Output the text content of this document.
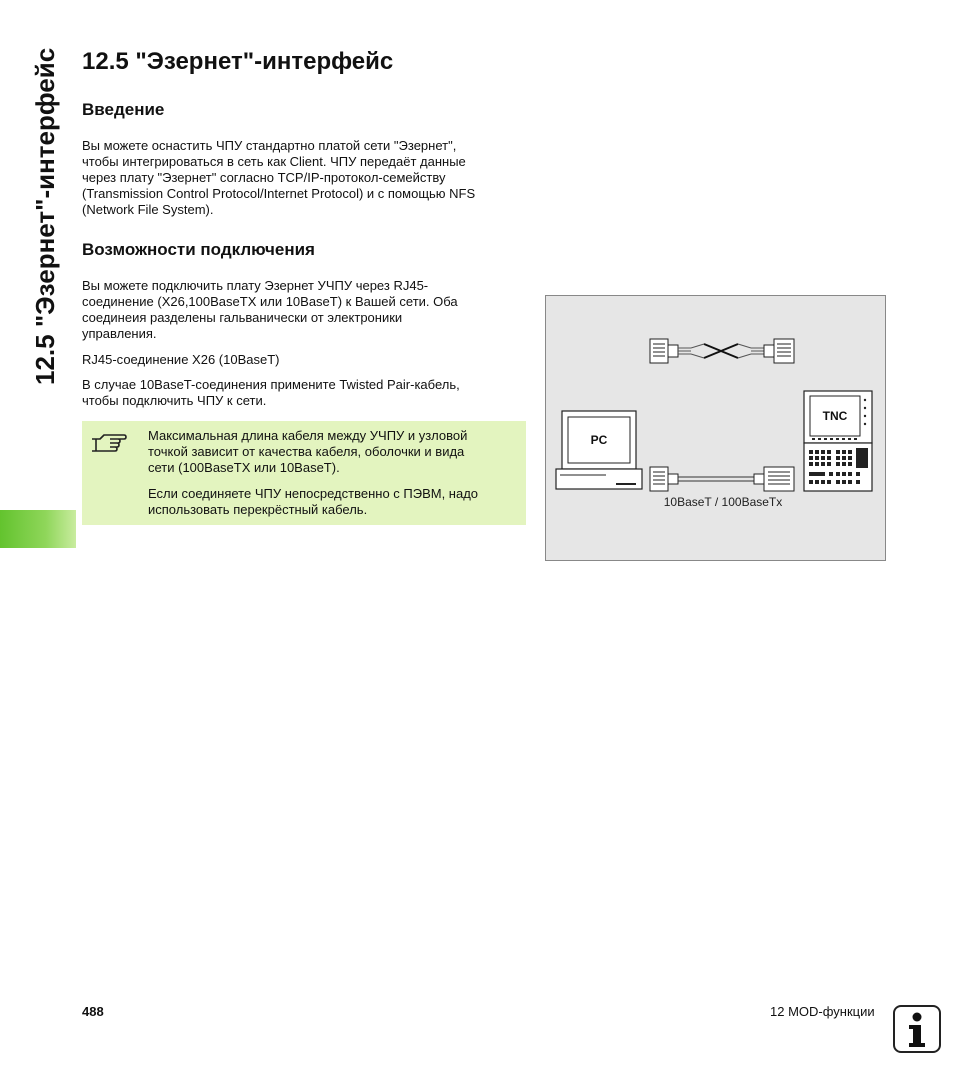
12.5 "Эзернет"-интерфейс 12.5 "Эзернет"-интерфейс
Введение
Вы можете оснастить ЧПУ стандартно платой сети "Эзернет",
чтобы интегрироваться в сеть как Client. ЧПУ передаёт данные
через плату "Эзернет" согласно TCP/IP-протокол-семейству
(Transmission Control Protocol/Internet Protocol) и с помощью NFS
(Network File System).
Возможности подключения
Вы можете подключить плату Эзернет УЧПУ через RJ45-
соединение (X26,100BaseTX или 10BaseT) к Вашей сети. Оба
соединеия разделены гальванически от электроники
управления.
RJ45-соединение X26 (10BaseT)
В случае 10BaseT-соединения примените Twisted Pair-кабель,
чтобы подключить ЧПУ к сети.
Максимальная длина кабеля между УЧПУ и узловой
точкой зависит от качества кабеля, оболочки и вида
сети (100BaseTX или 10BaseT).
Если соединяете ЧПУ непосредственно с ПЭВМ, надо
использовать перекрёстный кабель.
PC
10BaseT / 100BaseTx
TNC
488	12 MOD-функции
